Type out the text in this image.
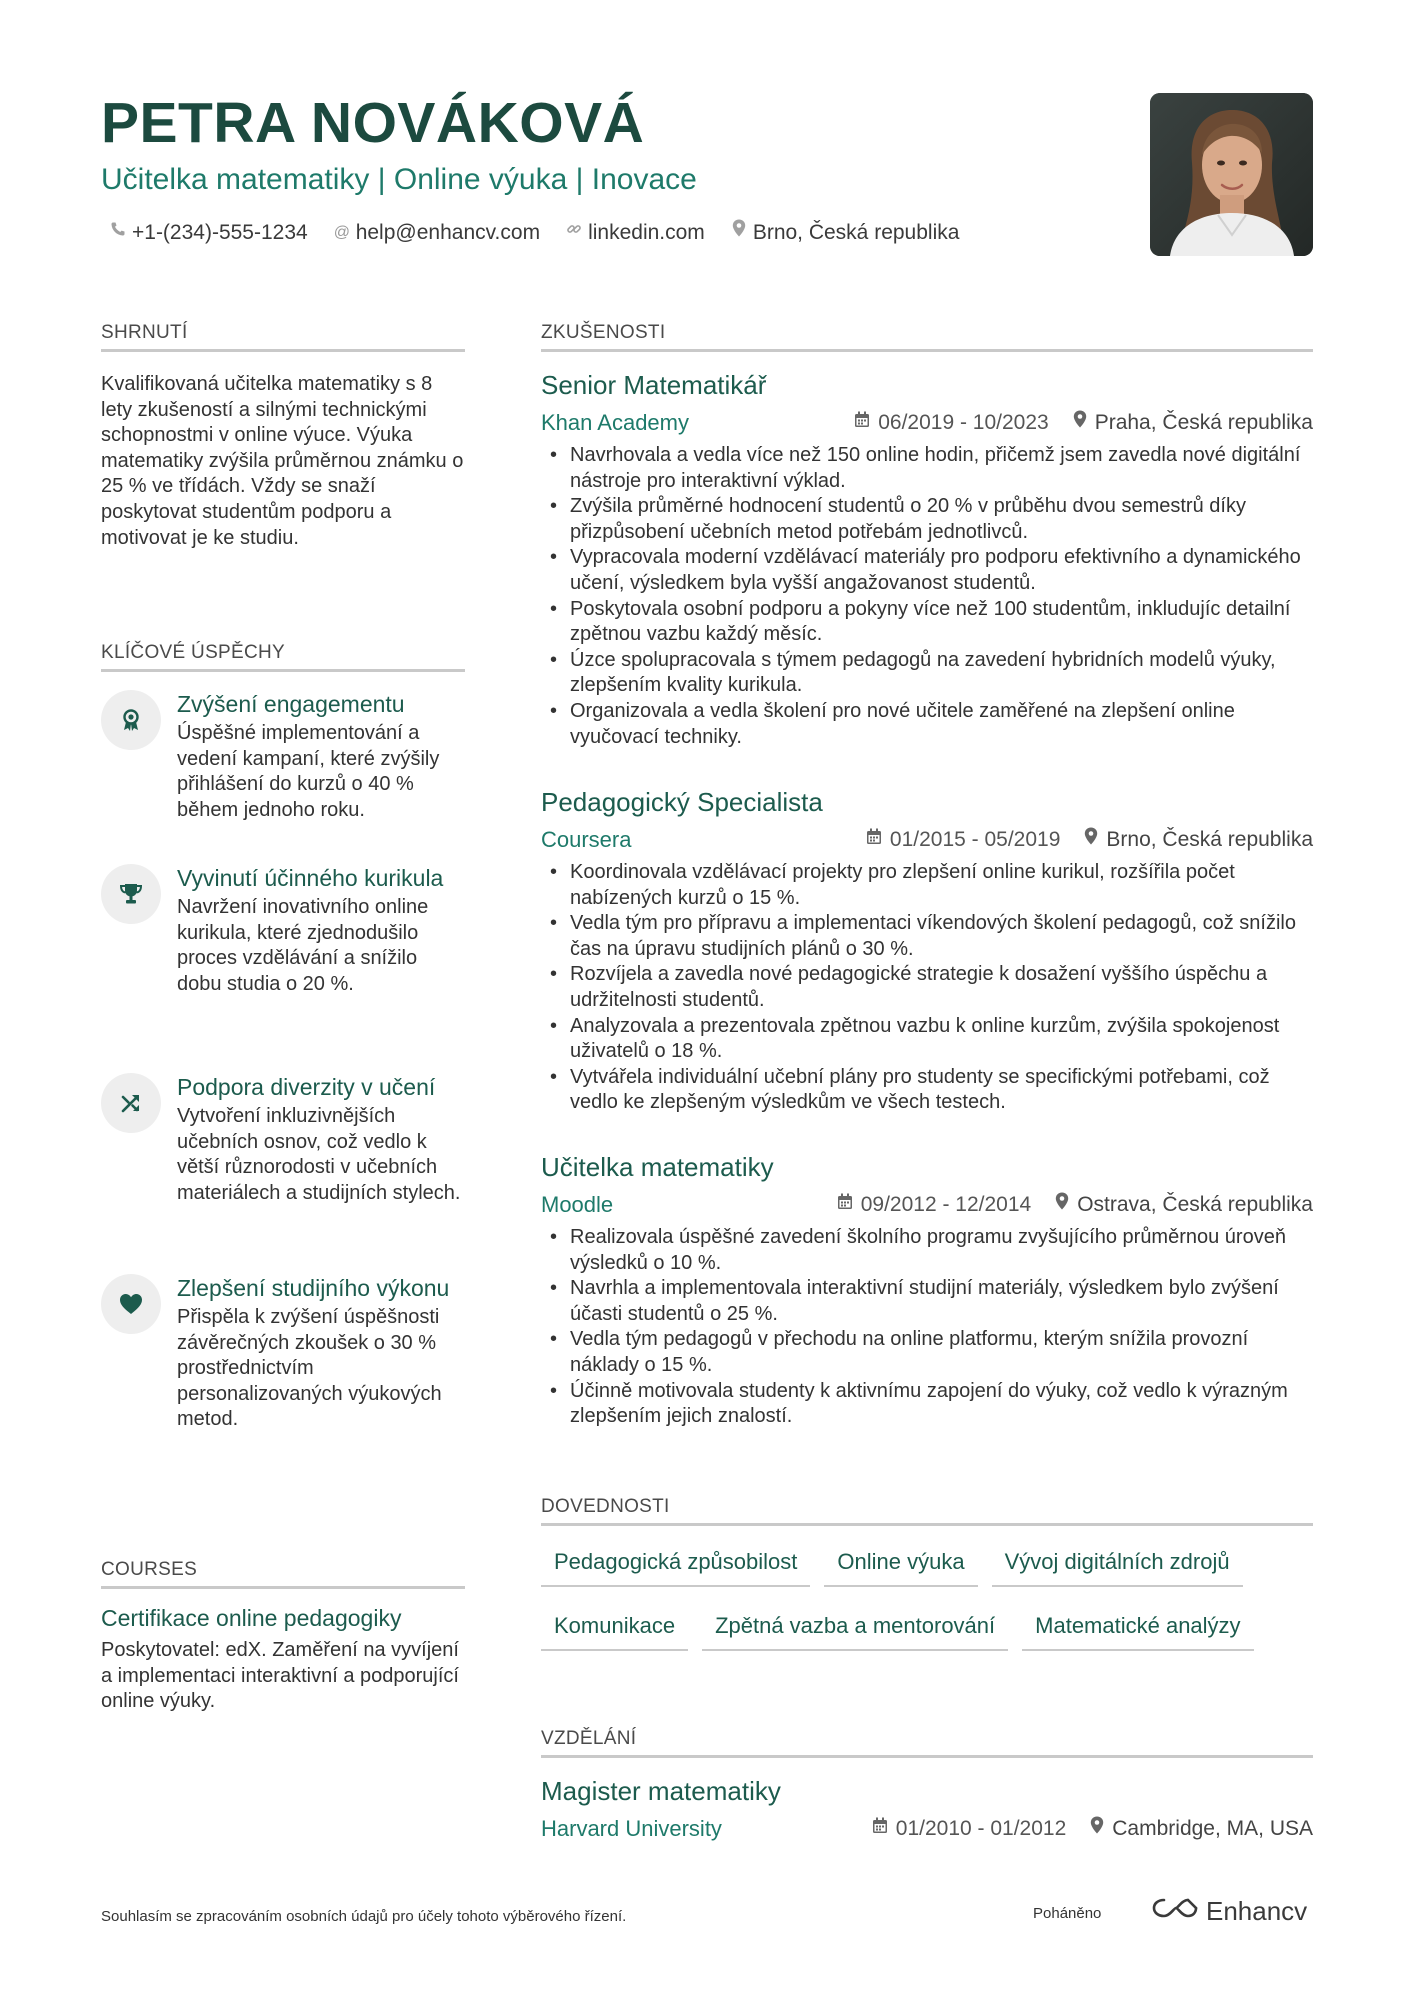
PETRA NOVÁKOVÁ
Učitelka matematiky | Online výuka | Inovace
+1-(234)-555-1234 @ help@enhancv.com linkedin.com Brno, Česká republika
SHRNUTÍ
Kvalifikovaná učitelka matematiky s 8 lety zkušeností a silnými technickými schopnostmi v online výuce. Výuka matematiky zvýšila průměrnou známku o 25 % ve třídách. Vždy se snaží poskytovat studentům podporu a motivovat je ke studiu.
KLÍČOVÉ ÚSPĚCHY
Zvýšení engagementu
Úspěšné implementování a vedení kampaní, které zvýšily přihlášení do kurzů o 40 % během jednoho roku.
Vyvinutí účinného kurikula
Navržení inovativního online kurikula, které zjednodušilo proces vzdělávání a snížilo dobu studia o 20 %.
Podpora diverzity v učení
Vytvoření inkluzivnějších učebních osnov, což vedlo k větší různorodosti v učebních materiálech a studijních stylech.
Zlepšení studijního výkonu
Přispěla k zvýšení úspěšnosti závěrečných zkoušek o 30 % prostřednictvím personalizovaných výukových metod.
COURSES
Certifikace online pedagogiky
Poskytovatel: edX. Zaměření na vyvíjení a implementaci interaktivní a podporující online výuky.
ZKUŠENOSTI
Senior Matematikář
Khan Academy	06/2019 - 10/2023 Praha, Česká republika
• Navrhovala a vedla více než 150 online hodin, přičemž jsem zavedla nové digitální nástroje pro interaktivní výklad.
• Zvýšila průměrné hodnocení studentů o 20 % v průběhu dvou semestrů díky přizpůsobení učebních metod potřebám jednotlivců.
• Vypracovala moderní vzdělávací materiály pro podporu efektivního a dynamického učení, výsledkem byla vyšší angažovanost studentů.
• Poskytovala osobní podporu a pokyny více než 100 studentům, inkludujíc detailní zpětnou vazbu každý měsíc.
• Úzce spolupracovala s týmem pedagogů na zavedení hybridních modelů výuky, zlepšením kvality kurikula.
• Organizovala a vedla školení pro nové učitele zaměřené na zlepšení online vyučovací techniky.
Pedagogický Specialista
Coursera	01/2015 - 05/2019 Brno, Česká republika
• Koordinovala vzdělávací projekty pro zlepšení online kurikul, rozšířila počet nabízených kurzů o 15 %.
• Vedla tým pro přípravu a implementaci víkendových školení pedagogů, což snížilo čas na úpravu studijních plánů o 30 %.
• Rozvíjela a zavedla nové pedagogické strategie k dosažení vyššího úspěchu a udržitelnosti studentů.
• Analyzovala a prezentovala zpětnou vazbu k online kurzům, zvýšila spokojenost uživatelů o 18 %.
• Vytvářela individuální učební plány pro studenty se specifickými potřebami, což vedlo ke zlepšeným výsledkům ve všech testech.
Učitelka matematiky
Moodle	09/2012 - 12/2014 Ostrava, Česká republika
• Realizovala úspěšné zavedení školního programu zvyšujícího průměrnou úroveň výsledků o 10 %.
• Navrhla a implementovala interaktivní studijní materiály, výsledkem bylo zvýšení účasti studentů o 25 %.
• Vedla tým pedagogů v přechodu na online platformu, kterým snížila provozní náklady o 15 %.
• Účinně motivovala studenty k aktivnímu zapojení do výuky, což vedlo k výrazným zlepšením jejich znalostí.
DOVEDNOSTI
Pedagogická způsobilost	Online výuka	Vývoj digitálních zdrojů
Komunikace	Zpětná vazba a mentorování	Matematické analýzy
VZDĚLÁNÍ
Magister matematiky
Harvard University	01/2010 - 01/2012 Cambridge, MA, USA
Souhlasím se zpracováním osobních údajů pro účely tohoto výběrového řízení.	Poháněno	Enhancv
